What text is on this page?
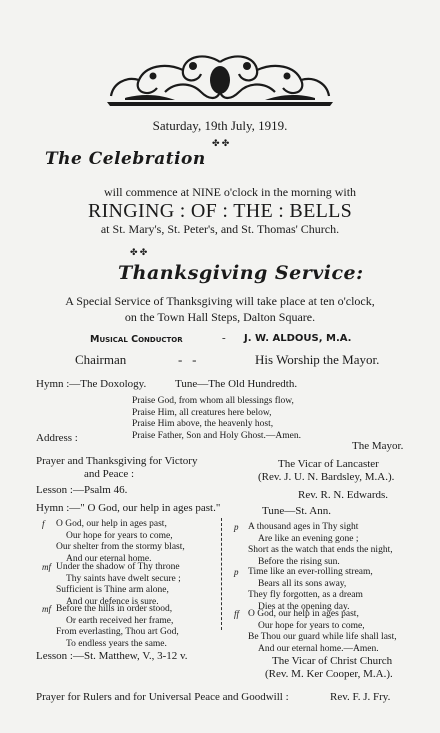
Saturday, 19th July, 1919.
✤ ✤
The Celebration
will commence at NINE o'clock in the morning with
RINGING : OF : THE : BELLS
at St. Mary's, St. Peter's, and St. Thomas' Church.
✤ ✤
Thanksgiving Service:
A Special Service of Thanksgiving will take place at ten o'clock,
on the Town Hall Steps, Dalton Square.
Musical Conductor	- J. W. ALDOUS, M.A.
Chairman	-   -	His Worship the Mayor.
Hymn :—The Doxology.	Tune—The Old Hundredth.
Praise God, from whom all blessings flow,
Praise Him, all creatures here below,
Praise Him above, the heavenly host,
Praise Father, Son and Holy Ghost.—Amen.
Address :
The Mayor.
Prayer and Thanksgiving for Victory
and Peace :
The Vicar of Lancaster
(Rev. J. U. N. Bardsley, M.A.).
Lesson :—Psalm 46.	Rev. R. N. Edwards.
Hymn :—" O God, our help in ages past."	Tune—St. Ann.
f O God, our help in ages past,
Our hope for years to come,
Our shelter from the stormy blast,
And our eternal home.
mf Under the shadow of Thy throne
Thy saints have dwelt secure ;
Sufficient is Thine arm alone,
And our defence is sure.
mf Before the hills in order stood,
Or earth received her frame,
From everlasting, Thou art God,
To endless years the same.
p A thousand ages in Thy sight
Are like an evening gone ;
Short as the watch that ends the night,
Before the rising sun.
p Time like an ever-rolling stream,
Bears all its sons away,
They fly forgotten, as a dream
Dies at the opening day.
ff O God, our help in ages past,
Our hope for years to come,
Be Thou our guard while life shall last,
And our eternal home.—Amen.
Lesson :—St. Matthew, V., 3-12 v.	The Vicar of Christ Church
(Rev. M. Ker Cooper, M.A.).
Prayer for Rulers and for Universal Peace and Goodwill :	Rev. F. J. Fry.
